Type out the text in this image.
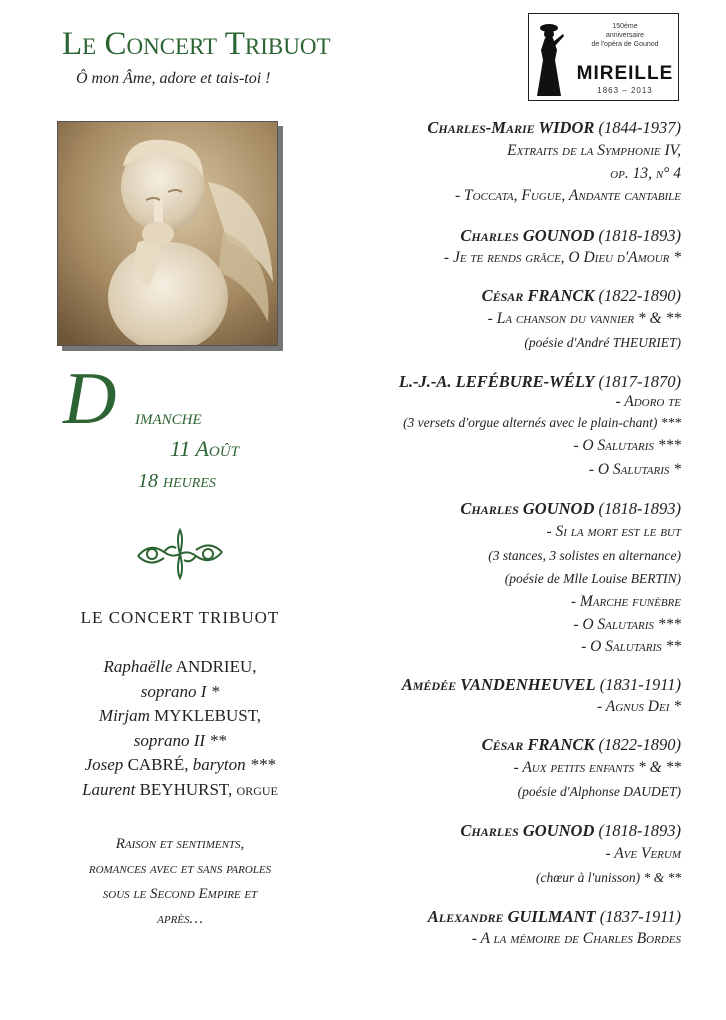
Le Concert Tribuot
Ô mon Âme, adore et tais-toi !
150ème
anniversaire
de l'opéra de Gounod
MIREILLE
1863 – 2013
D imanche
11 Août
18 heures
LE CONCERT TRIBUOT
Raphaëlle ANDRIEU,
soprano I *
Mirjam MYKLEBUST,
soprano II **
Josep CABRÉ, baryton ***
Laurent BEYHURST, orgue
Raison et sentiments,
romances avec et sans paroles
sous le Second Empire et
après…
Charles-Marie WIDOR (1844-1937)
Extraits de la Symphonie IV,
op. 13, n° 4
- Toccata, Fugue, Andante cantabile
Charles GOUNOD (1818-1893)
- Je te rends grâce, O Dieu d'Amour *
César FRANCK (1822-1890)
- La chanson du vannier * & **
(poésie d'André THEURIET)
L.-J.-A. LEFÉBURE-WÉLY (1817-1870)
- Adoro te
(3 versets d'orgue alternés avec le plain-chant) ***
- O Salutaris ***
- O Salutaris *
Charles GOUNOD (1818-1893)
- Si la mort est le but
(3 stances, 3 solistes en alternance)
(poésie de Mlle Louise BERTIN)
- Marche funèbre
- O Salutaris ***
- O Salutaris **
Amédée VANDENHEUVEL (1831-1911)
- Agnus Dei *
César FRANCK (1822-1890)
- Aux petits enfants * & **
(poésie d'Alphonse DAUDET)
Charles GOUNOD (1818-1893)
- Ave Verum
(chœur à l'unisson) * & **
Alexandre GUILMANT (1837-1911)
- A la mémoire de Charles Bordes
